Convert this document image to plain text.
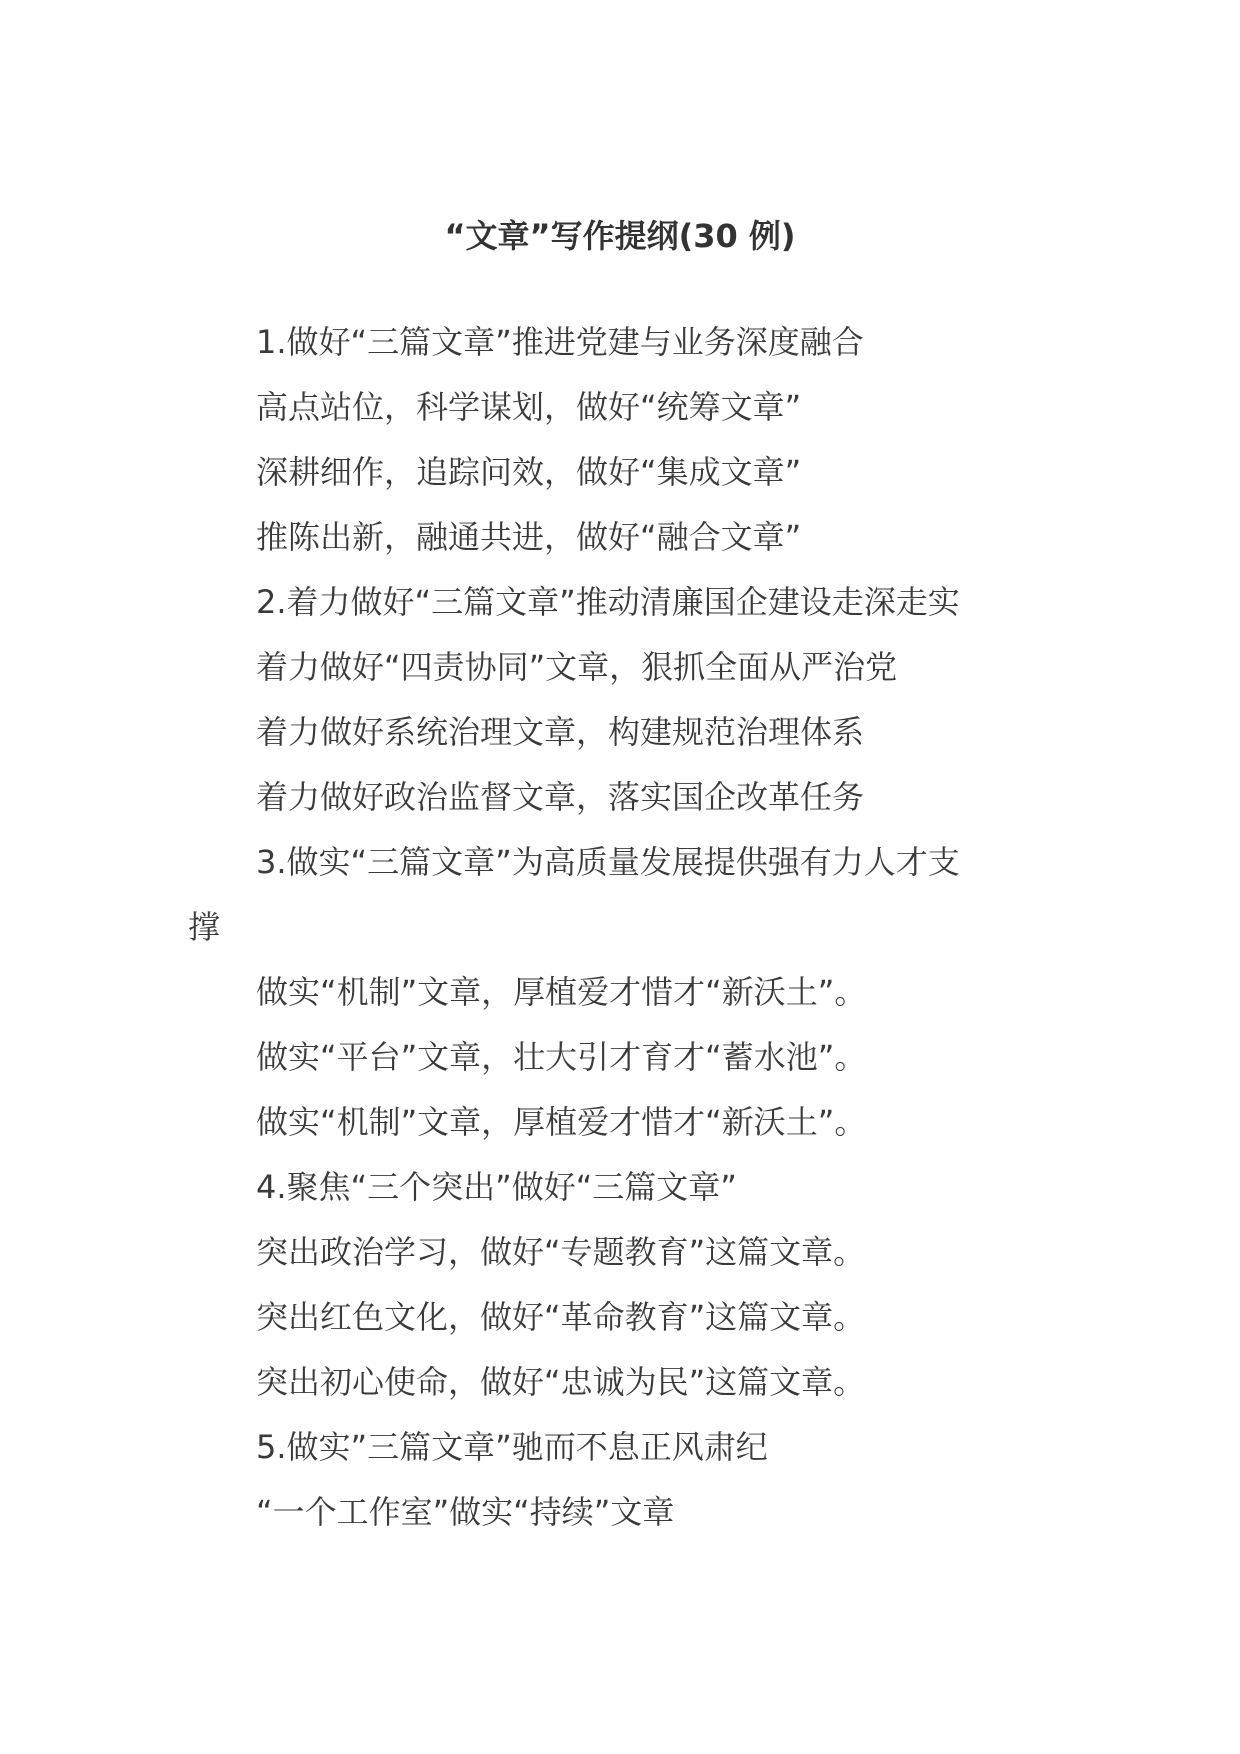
“文章”写作提纲(30 例)
1.做好“三篇文章”推进党建与业务深度融合
高点站位，科学谋划，做好“统筹文章”
深耕细作，追踪问效，做好“集成文章”
推陈出新，融通共进，做好“融合文章”
2.着力做好“三篇文章”推动清廉国企建设走深走实
着力做好“四责协同”文章，狠抓全面从严治党
着力做好系统治理文章，构建规范治理体系
着力做好政治监督文章，落实国企改革任务
3.做实“三篇文章”为高质量发展提供强有力人才支
撑
做实“机制”文章，厚植爱才惜才“新沃土”。
做实“平台”文章，壮大引才育才“蓄水池”。
做实“机制”文章，厚植爱才惜才“新沃土”。
4.聚焦“三个突出”做好“三篇文章”
突出政治学习，做好“专题教育”这篇文章。
突出红色文化，做好“革命教育”这篇文章。
突出初心使命，做好“忠诚为民”这篇文章。
5.做实”三篇文章”驰而不息正风肃纪
“一个工作室”做实“持续”文章
